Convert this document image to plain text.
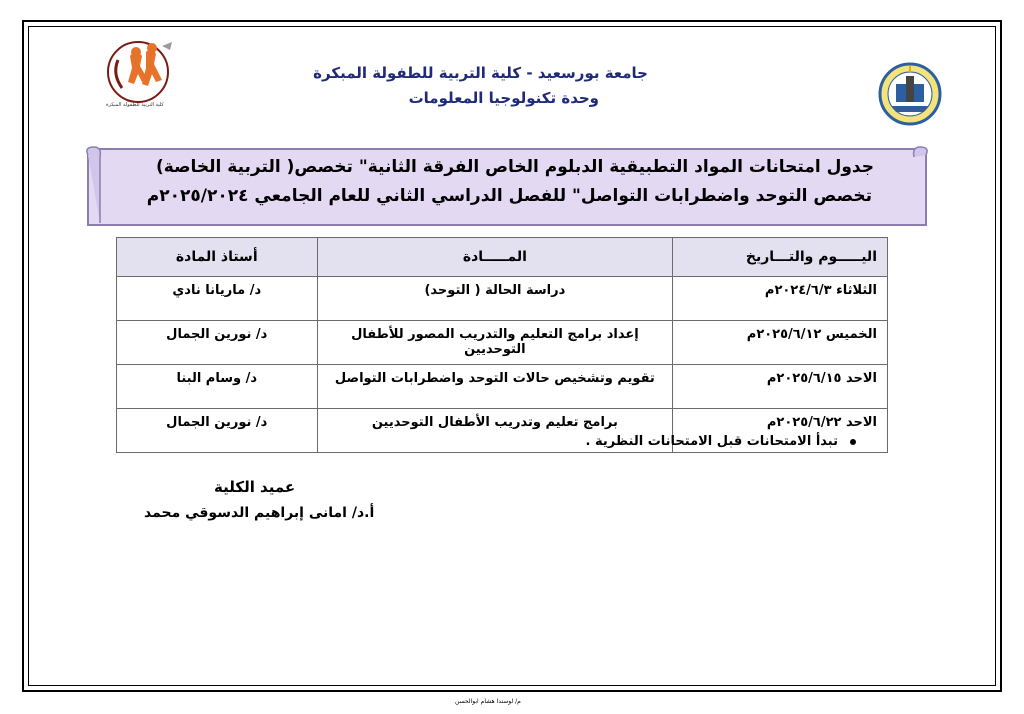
كلية التربية للطفولة المبكرة
جامعة بورسعيد - كلية التربية للطفولة المبكرة
وحدة تكنولوجيا المعلومات
جدول امتحانات المواد التطبيقية الدبلوم الخاص الفرقة الثانية" تخصص( التربية الخاصة)
تخصص التوحد واضطرابات التواصل" للفصل الدراسي الثاني للعام الجامعي ٢٠٢٥/٢٠٢٤م
اليـــــوم والتـــاريخ	المـــــادة	أستاذ المادة
الثلاثاء ٢٠٢٤/٦/٣م	دراسة الحالة ( التوحد)	د/ ماريانا نادي
الخميس ٢٠٢٥/٦/١٢م	إعداد برامج التعليم والتدريب المصور للأطفال التوحديين	د/ نورين الجمال
الاحد ٢٠٢٥/٦/١٥م	تقويم وتشخيص حالات التوحد واضطرابات التواصل	د/ وسام البنا
الاحد ٢٠٢٥/٦/٢٢م	برامج تعليم وتدريب الأطفال التوحديين	د/ نورين الجمال
تبدأ الامتحانات قبل الامتحانات النظرية .
عميد الكلية
أ.د/ امانى إبراهيم الدسوقي محمد
م/ لوسندا هشام ابوالحسن
